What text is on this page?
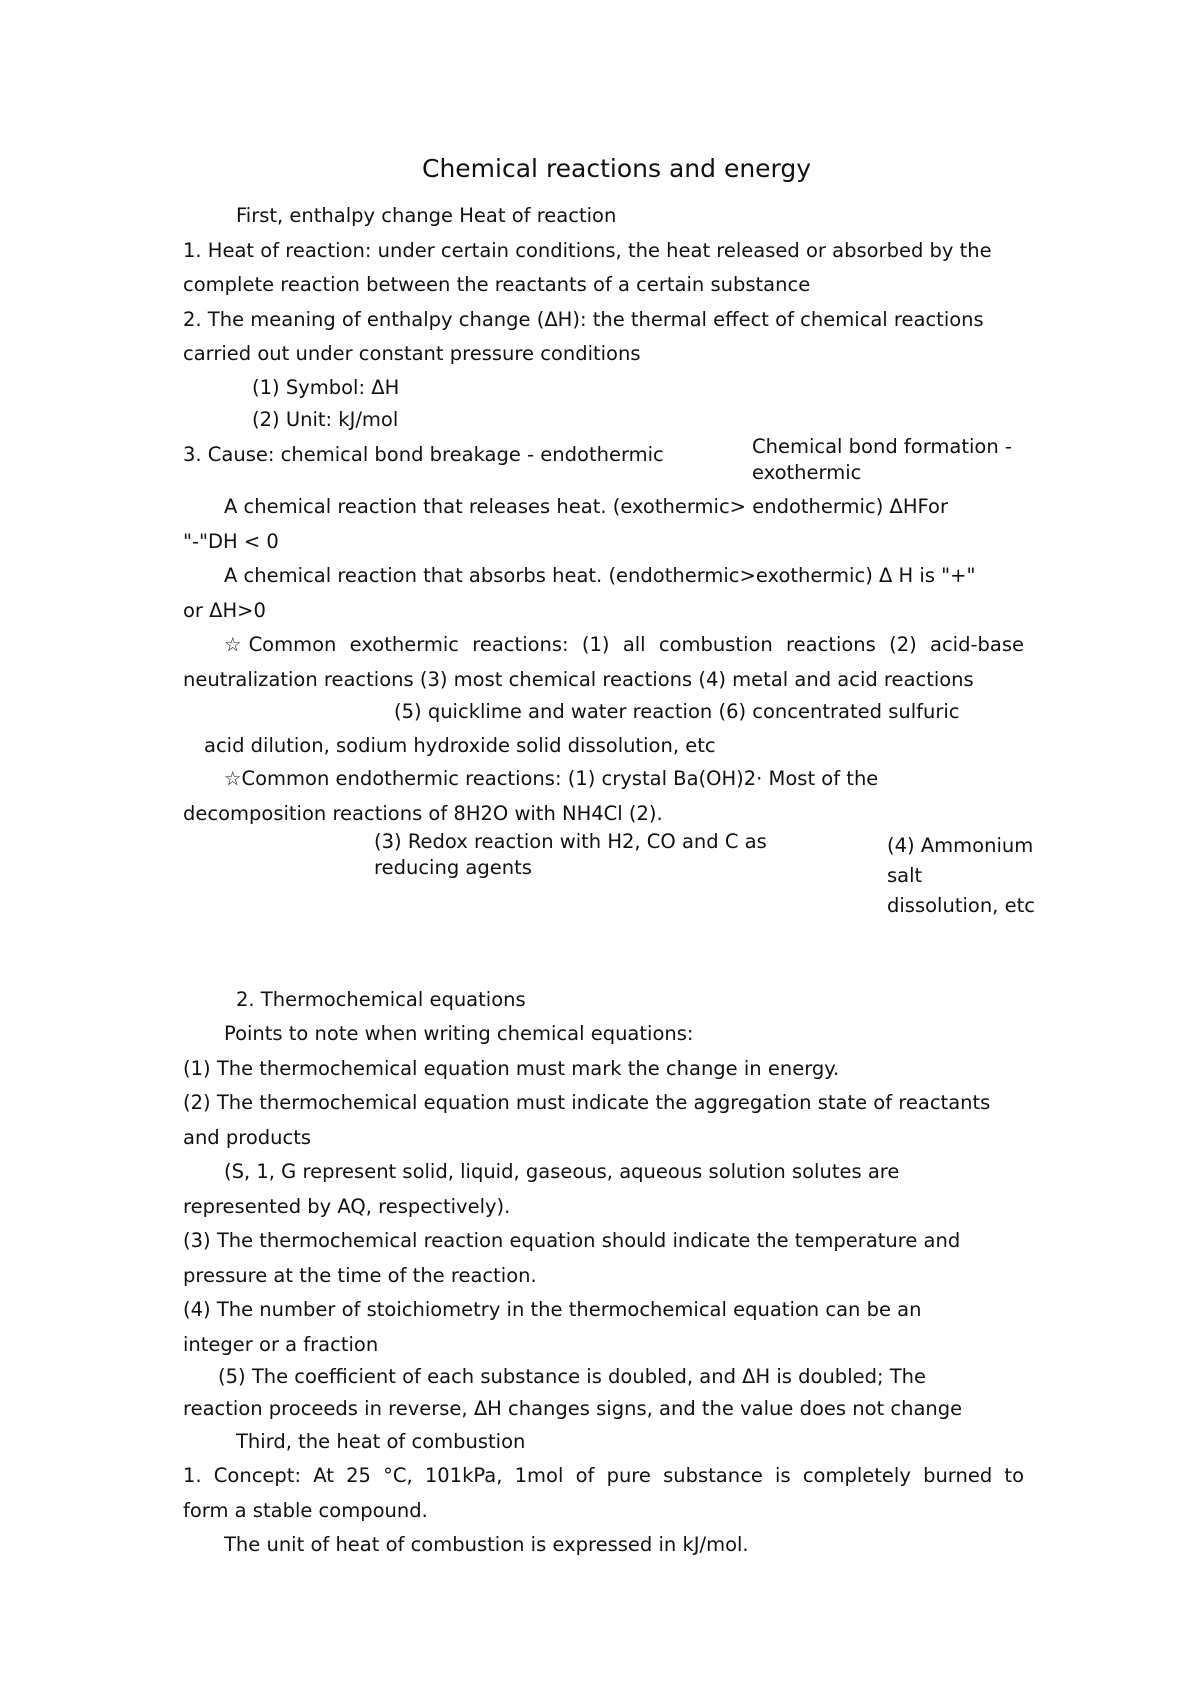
Chemical reactions and energy
First, enthalpy change Heat of reaction
1. Heat of reaction: under certain conditions, the heat released or absorbed by the
complete reaction between the reactants of a certain substance
2. The meaning of enthalpy change (ΔH): the thermal effect of chemical reactions
carried out under constant pressure conditions
(1) Symbol: ΔH
(2) Unit: kJ/mol
3. Cause: chemical bond breakage - endothermic	Chemical bond formation - exothermic
A chemical reaction that releases heat. (exothermic> endothermic) ΔHFor
"-"DH < 0
A chemical reaction that absorbs heat. (endothermic>exothermic) Δ H is "+"
or ΔH>0
☆Common exothermic reactions: (1) all combustion reactions (2) acid-base
neutralization reactions (3) most chemical reactions (4) metal and acid reactions
(5) quicklime and water reaction (6) concentrated sulfuric
acid dilution, sodium hydroxide solid dissolution, etc
☆Common endothermic reactions: (1) crystal Ba(OH)2· Most of the
decomposition reactions of 8H2O with NH4Cl (2).
(3) Redox reaction with H2, CO and C as reducing agents
(4) Ammonium salt dissolution, etc
2. Thermochemical equations
Points to note when writing chemical equations:
(1) The thermochemical equation must mark the change in energy.
(2) The thermochemical equation must indicate the aggregation state of reactants
and products
(S, 1, G represent solid, liquid, gaseous, aqueous solution solutes are
represented by AQ, respectively).
(3) The thermochemical reaction equation should indicate the temperature and
pressure at the time of the reaction.
(4) The number of stoichiometry in the thermochemical equation can be an
integer or a fraction
(5) The coefficient of each substance is doubled, and ΔH is doubled; The
reaction proceeds in reverse, ΔH changes signs, and the value does not change
Third, the heat of combustion
1. Concept: At 25 °C, 101kPa, 1mol of pure substance is completely burned to
form a stable compound.
The unit of heat of combustion is expressed in kJ/mol.
